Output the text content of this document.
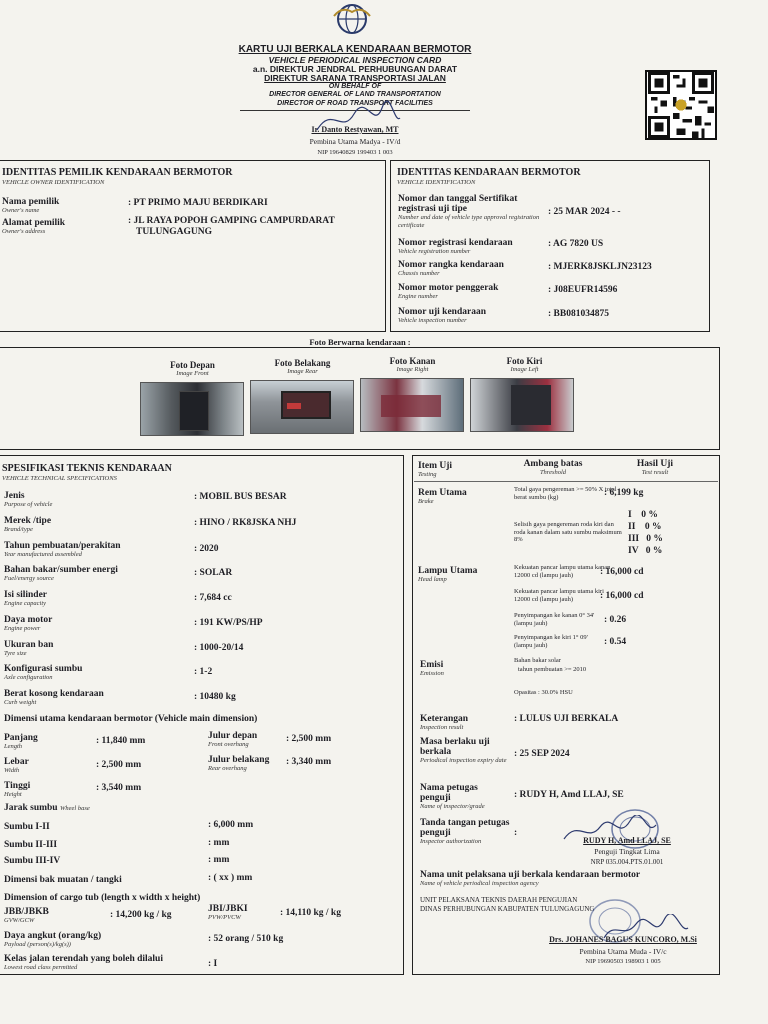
KARTU UJI BERKALA KENDARAAN BERMOTOR
VEHICLE PERIODICAL INSPECTION CARD
a.n. DIREKTUR JENDRAL PERHUBUNGAN DARAT
DIREKTUR SARANA TRANSPORTASI JALAN
ON BEHALF OF
DIRECTOR GENERAL OF LAND TRANSPORTATION
DIRECTOR OF ROAD TRANSPORT FACILITIES
Ir. Danto Restyawan, MT
Pembina Utama Madya - IV/d
NIP 19640829 199403 1 003
IDENTITAS PEMILIK KENDARAAN BERMOTOR
VEHICLE OWNER IDENTIFICATION
Nama pemilik
Owner's name
: PT PRIMO MAJU BERDIKARI
Alamat pemilik
Owner's address
: JL RAYA POPOH GAMPING CAMPURDARAT
TULUNGAGUNG
IDENTITAS KENDARAAN BERMOTOR
VEHICLE IDENTIFICATION
Nomor dan tanggal Sertifikat registrasi uji tipe
Number and date of vehicle type approval registration certificate
: 25 MAR 2024 - -
Nomor registrasi kendaraan
Vehicle registration number
: AG 7820 US
Nomor rangka kendaraan
Chassis number
: MJERK8JSKLJN23123
Nomor motor penggerak
Engine number
: J08EUFR14596
Nomor uji kendaraan
Vehicle inspection number
: BB081034875
Foto Berwarna kendaraan :
Foto Depan
Image Front
Foto Belakang
Image Rear
Foto Kanan
Image Right
Foto Kiri
Image Left
SPESIFIKASI TEKNIS KENDARAAN
VEHICLE TECHNICAL SPECIFICATIONS
Jenis
Purpose of vehicle
: MOBIL BUS BESAR
Merek /tipe
Brand/type
: HINO / RK8JSKA NHJ
Tahun pembuatan/perakitan
Year manufactured assembled
: 2020
Bahan bakar/sumber energi
Fuel/energy source
: SOLAR
Isi silinder
Engine capacity
: 7,684 cc
Daya motor
Engine power
: 191 KW/PS/HP
Ukuran ban
Tyre size
: 1000-20/14
Konfigurasi sumbu
Axle configuration
: 1-2
Berat kosong kendaraan
Curb weight
: 10480 kg
Dimensi utama kendaraan bermotor (Vehicle main dimension)
Panjang
Length
: 11,840 mm	Julur depan
Front overhang
: 2,500 mm
Lebar
Width
: 2,500 mm	Julur belakang
Rear overhang
: 3,340 mm
Tinggi
Height
: 3,540 mm
Jarak sumbu Wheel base
Sumbu I-II	: 6,000 mm
Sumbu II-III	: mm
Sumbu III-IV	: mm
Dimensi bak muatan / tangki	: ( xx ) mm
Dimension of cargo tub (length x width x height)
JBB/JBKB
GVW/GCW
: 14,200 kg / kg
JBI/JBKI
PVW/PVCW	: 14,110 kg / kg
Daya angkut (orang/kg)
Payload (person(s)/kg(s))
: 52 orang / 510 kg
Kelas jalan terendah yang boleh dilalui
Lowest road class permitted	: I
Item Uji
Testing
Ambang batas
Threshold
Hasil Uji
Test result
Rem Utama
Brake
Total gaya pengereman >= 50% X total berat sumbu (kg)	: 6,199 kg
Selisih gaya pengereman roda kiri dan roda kanan dalam satu sumbu maksimum 8%
I 0 %
II 0 %
III 0 %
IV 0 %
Lampu Utama
Head lamp
Kekuatan pancar lampu utama kanan 12000 cd (lampu jauh)	: 16,000 cd
Kekuatan pancar lampu utama kiri 12000 cd (lampu jauh)	: 16,000 cd
Penyimpangan ke kanan 0° 34' (lampu jauh)	: 0.26
Penyimpangan ke kiri 1° 09' (lampu jauh)	: 0.54
Emisi
Emission
Bahan bakar solar
tahun pembuatan >= 2010
Opasitas : 30.0% HSU
Keterangan
Inspection result
: LULUS UJI BERKALA
Masa berlaku uji berkala
Periodical inspection expiry date
: 25 SEP 2024
Nama petugas penguji
Name of inspector/grade
: RUDY H, Amd LLAJ, SE
Tanda tangan petugas penguji
Inspector authorization
:
RUDY H, Amd LLAJ, SE
Penguji Tingkat Lima
NRP 035.004.PTS.01.001
Nama unit pelaksana uji berkala kendaraan bermotor
Name of vehicle periodical inspection agency
UNIT PELAKSANA TEKNIS DAERAH PENGUJIAN
DINAS PERHUBUNGAN KABUPATEN TULUNGAGUNG
Drs. JOHANES BAGUS KUNCORO, M.Si
Pembina Utama Muda - IV/c
NIP 19690503 198903 1 005
